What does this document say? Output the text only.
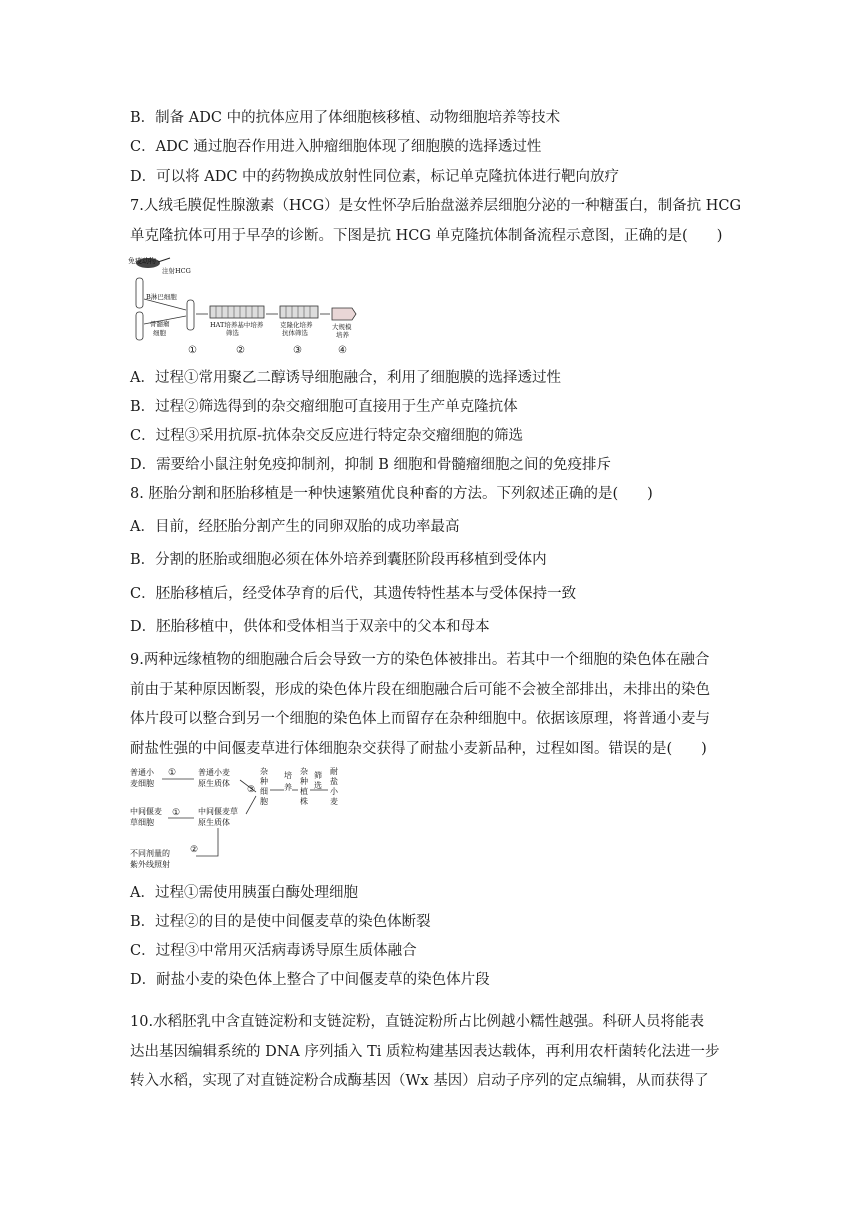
B．制备 ADC 中的抗体应用了体细胞核移植、动物细胞培养等技术
C．ADC 通过胞吞作用进入肿瘤细胞体现了细胞膜的选择透过性
D．可以将 ADC 中的药物换成放射性同位素，标记单克隆抗体进行靶向放疗
7.人绒毛膜促性腺激素（HCG）是女性怀孕后胎盘滋养层细胞分泌的一种糖蛋白，制备抗 HCG
单克隆抗体可用于早孕的诊断。下图是抗 HCG 单克隆抗体制备流程示意图，正确的是(　　)
免疫动物
注射HCG
B淋巴细胞
骨髓瘤
细胞
HAT培养基中培养
筛选
克隆化培养
抗体筛选
大规模
培养
①	②	③	④
A．过程①常用聚乙二醇诱导细胞融合，利用了细胞膜的选择透过性
B．过程②筛选得到的杂交瘤细胞可直接用于生产单克隆抗体
C．过程③采用抗原-抗体杂交反应进行特定杂交瘤细胞的筛选
D．需要给小鼠注射免疫抑制剂，抑制 B 细胞和骨髓瘤细胞之间的免疫排斥
8. 胚胎分割和胚胎移植是一种快速繁殖优良种畜的方法。下列叙述正确的是(　　)
A．目前，经胚胎分割产生的同卵双胎的成功率最高
B．分割的胚胎或细胞必须在体外培养到囊胚阶段再移植到受体内
C．胚胎移植后，经受体孕育的后代，其遗传特性基本与受体保持一致
D．胚胎移植中，供体和受体相当于双亲中的父本和母本
9.两种远缘植物的细胞融合后会导致一方的染色体被排出。若其中一个细胞的染色体在融合
前由于某种原因断裂，形成的染色体片段在细胞融合后可能不会被全部排出，未排出的染色
体片段可以整合到另一个细胞的染色体上而留存在杂种细胞中。依据该原理，将普通小麦与
耐盐性强的中间偃麦草进行体细胞杂交获得了耐盐小麦新品种，过程如图。错误的是(　　)
普通小
麦细胞
①	普通小麦
原生质体
中间偃麦
草细胞
① 中间偃麦草
原生质体
③
②
不同剂量的
紫外线照射
杂
种
细
胞
培
养
杂
种
植
株
筛
选
耐
盐
小
麦
A．过程①需使用胰蛋白酶处理细胞
B．过程②的目的是使中间偃麦草的染色体断裂
C．过程③中常用灭活病毒诱导原生质体融合
D．耐盐小麦的染色体上整合了中间偃麦草的染色体片段
10.水稻胚乳中含直链淀粉和支链淀粉，直链淀粉所占比例越小糯性越强。科研人员将能表
达出基因编辑系统的 DNA 序列插入 Ti 质粒构建基因表达载体，再利用农杆菌转化法进一步
转入水稻，实现了对直链淀粉合成酶基因（Wx 基因）启动子序列的定点编辑，从而获得了
